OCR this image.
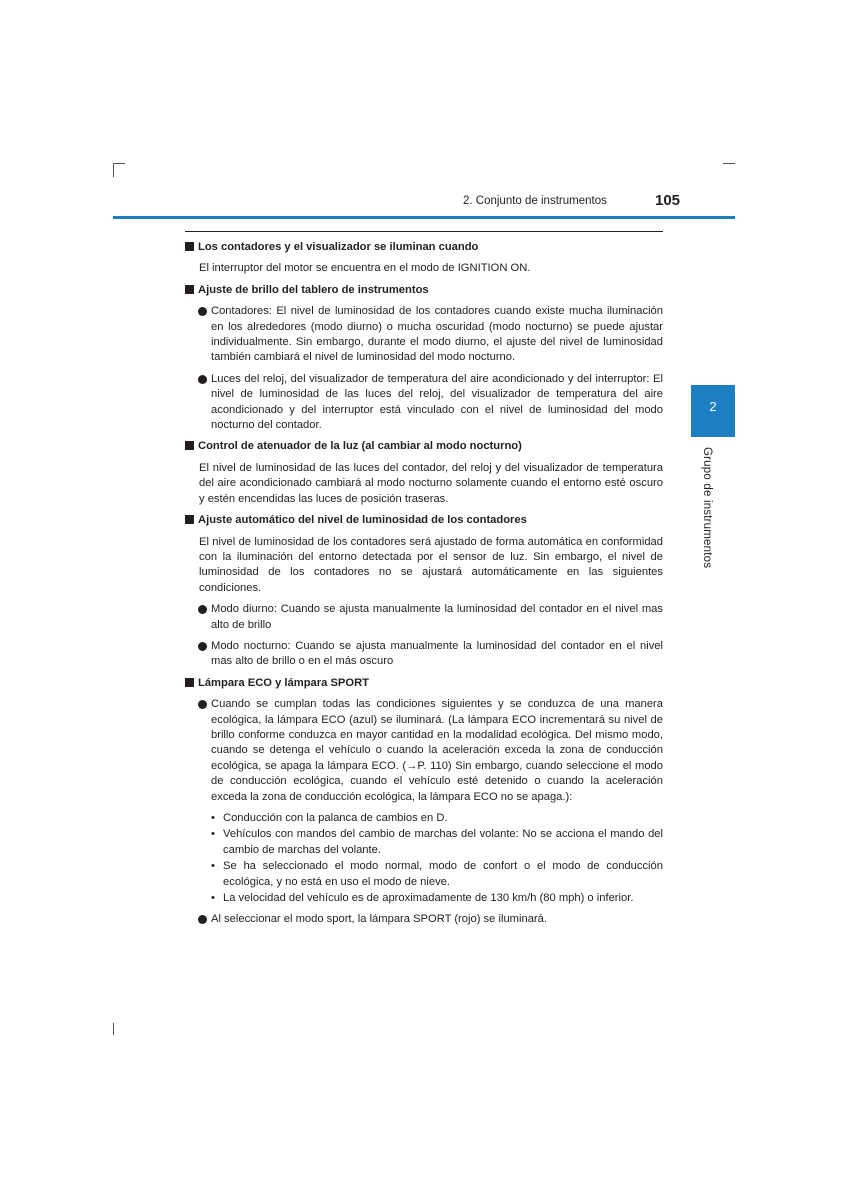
2. Conjunto de instrumentos	105
2
Grupo de instrumentos
Los contadores y el visualizador se iluminan cuando
El interruptor del motor se encuentra en el modo de IGNITION ON.
Ajuste de brillo del tablero de instrumentos
Contadores: El nivel de luminosidad de los contadores cuando existe mucha iluminación en los alrededores (modo diurno) o mucha oscuridad (modo nocturno) se puede ajustar individualmente. Sin embargo, durante el modo diurno, el ajuste del nivel de luminosidad también cambiará el nivel de luminosidad del modo nocturno.
Luces del reloj, del visualizador de temperatura del aire acondicionado y del interruptor: El nivel de luminosidad de las luces del reloj, del visualizador de temperatura del aire acondicionado y del interruptor está vinculado con el nivel de luminosidad del modo nocturno del contador.
Control de atenuador de la luz (al cambiar al modo nocturno)
El nivel de luminosidad de las luces del contador, del reloj y del visualizador de temperatura del aire acondicionado cambiará al modo nocturno solamente cuando el entorno esté oscuro y estén encendidas las luces de posición traseras.
Ajuste automático del nivel de luminosidad de los contadores
El nivel de luminosidad de los contadores será ajustado de forma automática en conformidad con la iluminación del entorno detectada por el sensor de luz. Sin embargo, el nivel de luminosidad de los contadores no se ajustará automáticamente en las siguientes condiciones.
Modo diurno: Cuando se ajusta manualmente la luminosidad del contador en el nivel mas alto de brillo
Modo nocturno: Cuando se ajusta manualmente la luminosidad del contador en el nivel mas alto de brillo o en el más oscuro
Lámpara ECO y lámpara SPORT
Cuando se cumplan todas las condiciones siguientes y se conduzca de una manera ecológica, la lámpara ECO (azul) se iluminará. (La lámpara ECO incrementará su nivel de brillo conforme conduzca en mayor cantidad en la modalidad ecológica. Del mismo modo, cuando se detenga el vehículo o cuando la aceleración exceda la zona de conducción ecológica, se apaga la lámpara ECO. (→P. 110) Sin embargo, cuando seleccione el modo de conducción ecológica, cuando el vehículo esté detenido o cuando la aceleración exceda la zona de conducción ecológica, la lámpara ECO no se apaga.):
• Conducción con la palanca de cambios en D.
• Vehículos con mandos del cambio de marchas del volante: No se acciona el mando del cambio de marchas del volante.
• Se ha seleccionado el modo normal, modo de confort o el modo de conducción ecológica, y no está en uso el modo de nieve.
• La velocidad del vehículo es de aproximadamente de 130 km/h (80 mph) o inferior.
Al seleccionar el modo sport, la lámpara SPORT (rojo) se iluminará.
